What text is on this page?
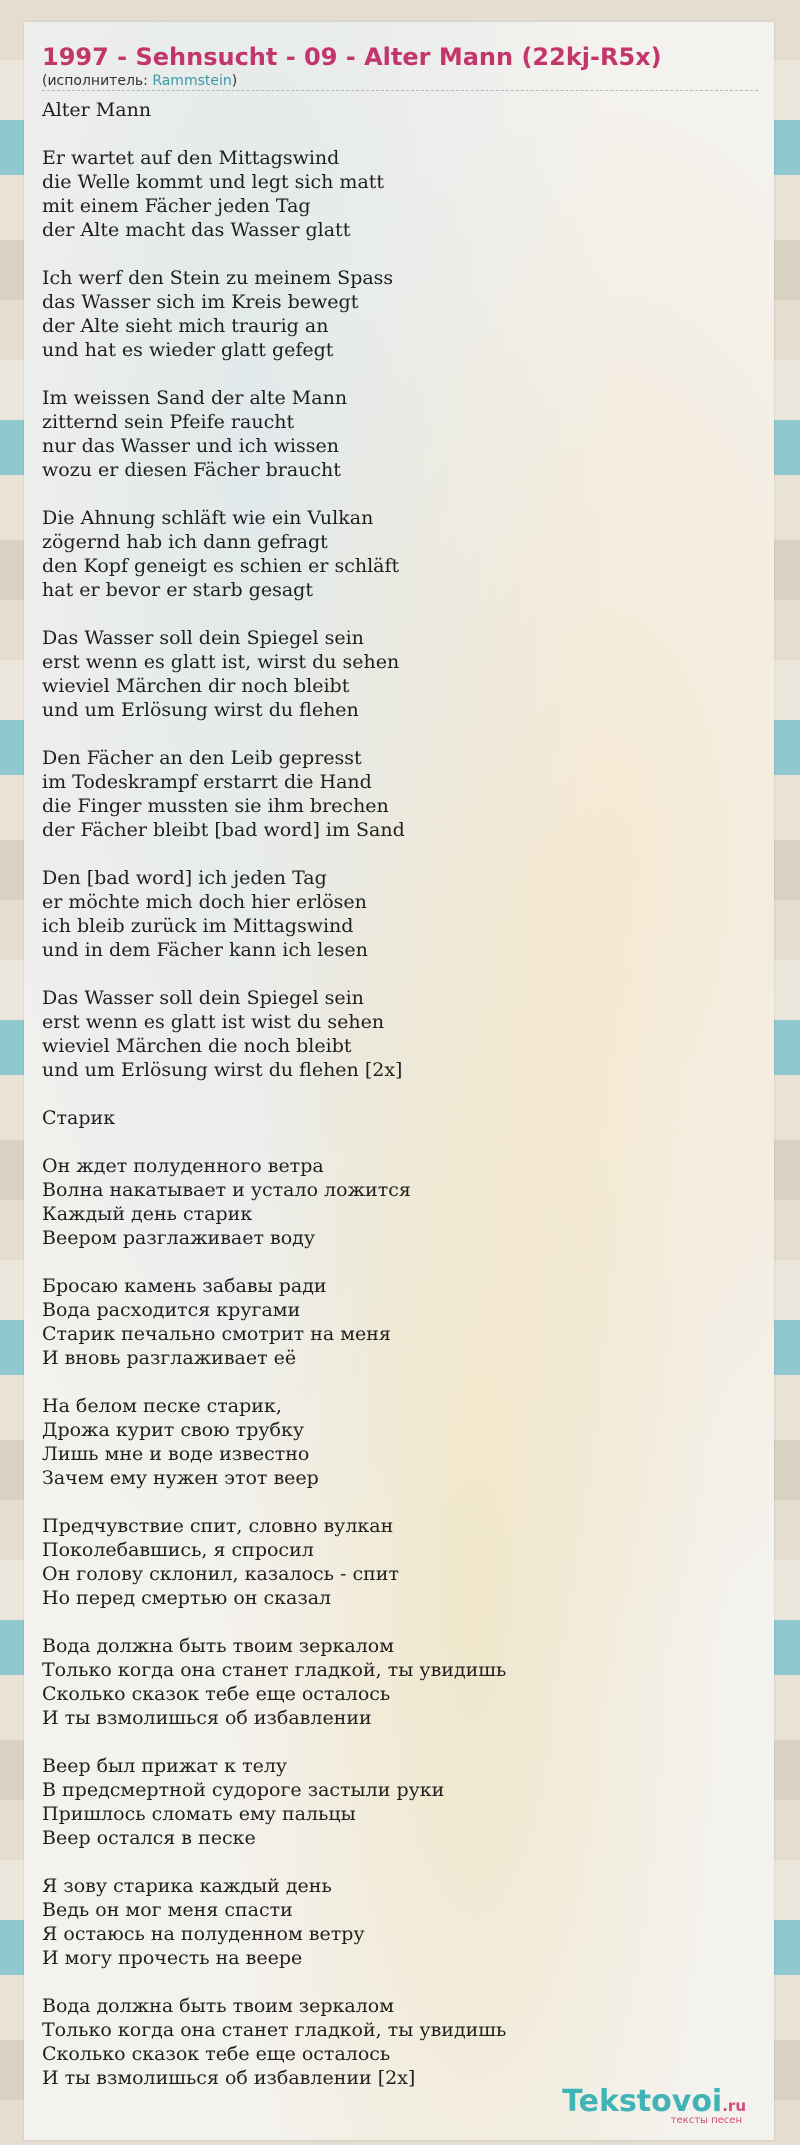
1997 - Sehnsucht - 09 - Alter Mann (22kj-R5x)
(исполнитель: Rammstein)
Alter Mann

Er wartet auf den Mittagswind
die Welle kommt und legt sich matt
mit einem Fächer jeden Tag
der Alte macht das Wasser glatt

Ich werf den Stein zu meinem Spass
das Wasser sich im Kreis bewegt
der Alte sieht mich traurig an
und hat es wieder glatt gefegt

Im weissen Sand der alte Mann
zitternd sein Pfeife raucht
nur das Wasser und ich wissen
wozu er diesen Fächer braucht

Die Ahnung schläft wie ein Vulkan
zögernd hab ich dann gefragt
den Kopf geneigt es schien er schläft
hat er bevor er starb gesagt

Das Wasser soll dein Spiegel sein
erst wenn es glatt ist, wirst du sehen
wieviel Märchen dir noch bleibt
und um Erlösung wirst du flehen

Den Fächer an den Leib gepresst
im Todeskrampf erstarrt die Hand
die Finger mussten sie ihm brechen
der Fächer bleibt [bad word] im Sand

Den [bad word] ich jeden Tag
er möchte mich doch hier erlösen
ich bleib zurück im Mittagswind
und in dem Fächer kann ich lesen

Das Wasser soll dein Spiegel sein
erst wenn es glatt ist wist du sehen
wieviel Märchen die noch bleibt
und um Erlösung wirst du flehen [2x]

Старик

Он ждет полуденного ветра
Волна накатывает и устало ложится
Каждый день старик
Веером разглаживает воду

Бросаю камень забавы ради
Вода расходится кругами
Старик печально смотрит на меня
И вновь разглаживает её

На белом песке старик,
Дрожа курит свою трубку
Лишь мне и воде известно
Зачем ему нужен этот веер

Предчувствие спит, словно вулкан
Поколебавшись, я спросил
Он голову склонил, казалось - спит
Но перед смертью он сказал

Вода должна быть твоим зеркалом
Только когда она станет гладкой, ты увидишь
Сколько сказок тебе еще осталось
И ты взмолишься об избавлении

Веер был прижат к телу
В предсмертной судороге застыли руки
Пришлось сломать ему пальцы
Веер остался в песке

Я зову старика каждый день
Ведь он мог меня спасти
Я остаюсь на полуденном ветру
И могу прочесть на веере

Вода должна быть твоим зеркалом
Только когда она станет гладкой, ты увидишь
Сколько сказок тебе еще осталось
И ты взмолишься об избавлении [2x]
Tekstovoi.ru
тексты песен
